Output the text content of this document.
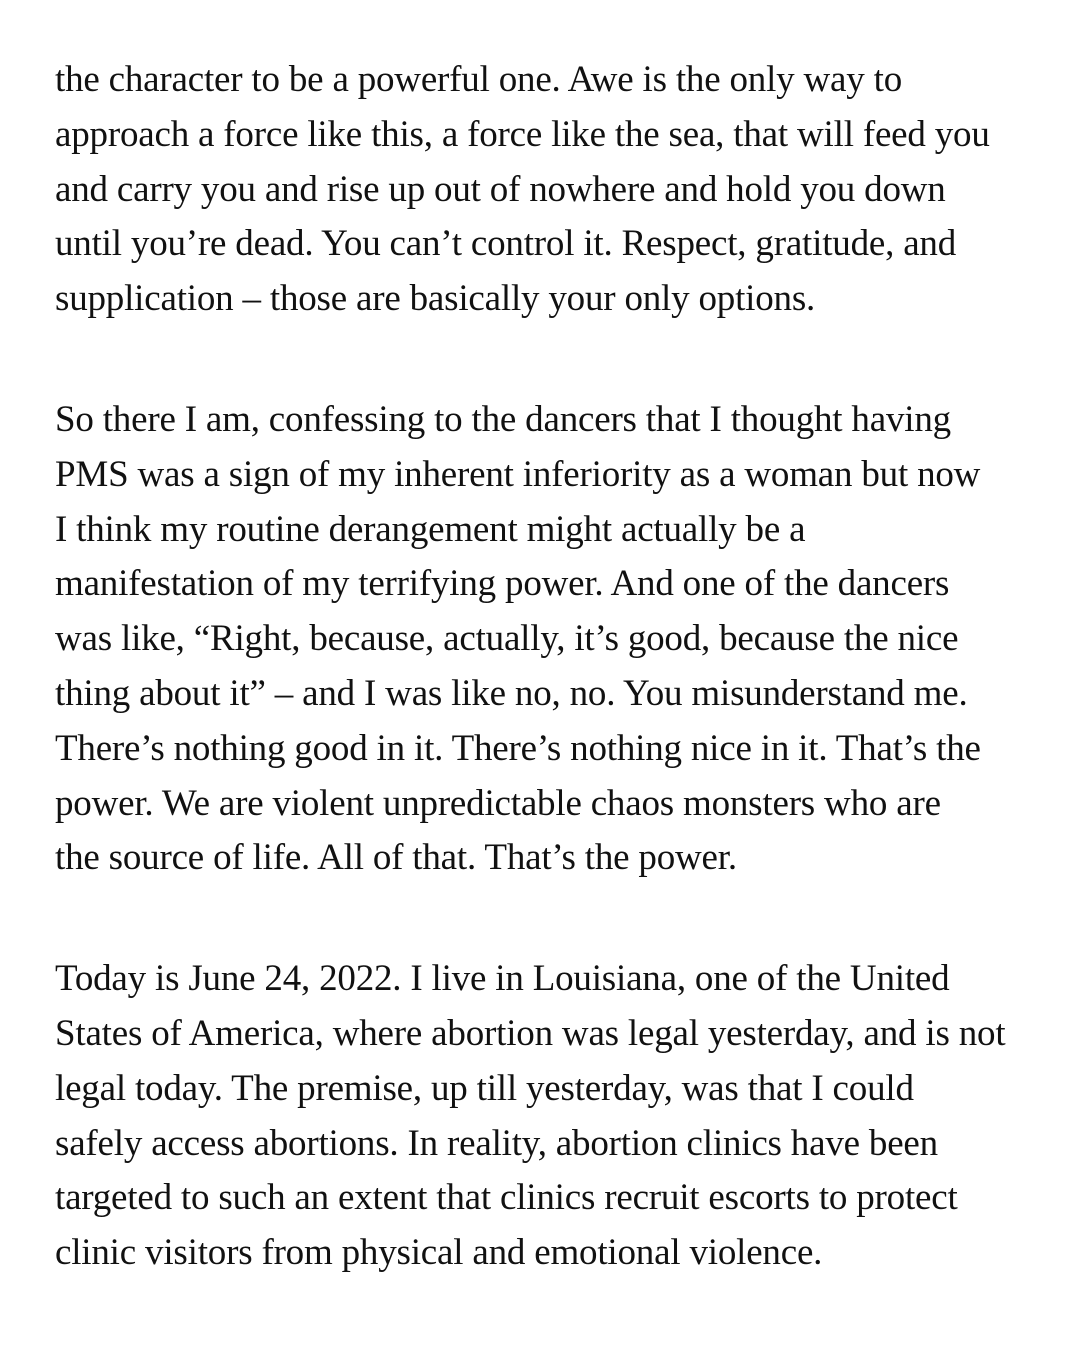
the character to be a powerful one. Awe is the only way to
approach a force like this, a force like the sea, that will feed you
and carry you and rise up out of nowhere and hold you down
until you’re dead. You can’t control it. Respect, gratitude, and
supplication – those are basically your only options.
So there I am, confessing to the dancers that I thought having
PMS was a sign of my inherent inferiority as a woman but now
I think my routine derangement might actually be a
manifestation of my terrifying power. And one of the dancers
was like, “Right, because, actually, it’s good, because the nice
thing about it” – and I was like no, no. You misunderstand me.
There’s nothing good in it. There’s nothing nice in it. That’s the
power. We are violent unpredictable chaos monsters who are
the source of life. All of that. That’s the power.
Today is June 24, 2022. I live in Louisiana, one of the United
States of America, where abortion was legal yesterday, and is not
legal today. The premise, up till yesterday, was that I could
safely access abortions. In reality, abortion clinics have been
targeted to such an extent that clinics recruit escorts to protect
clinic visitors from physical and emotional violence.
